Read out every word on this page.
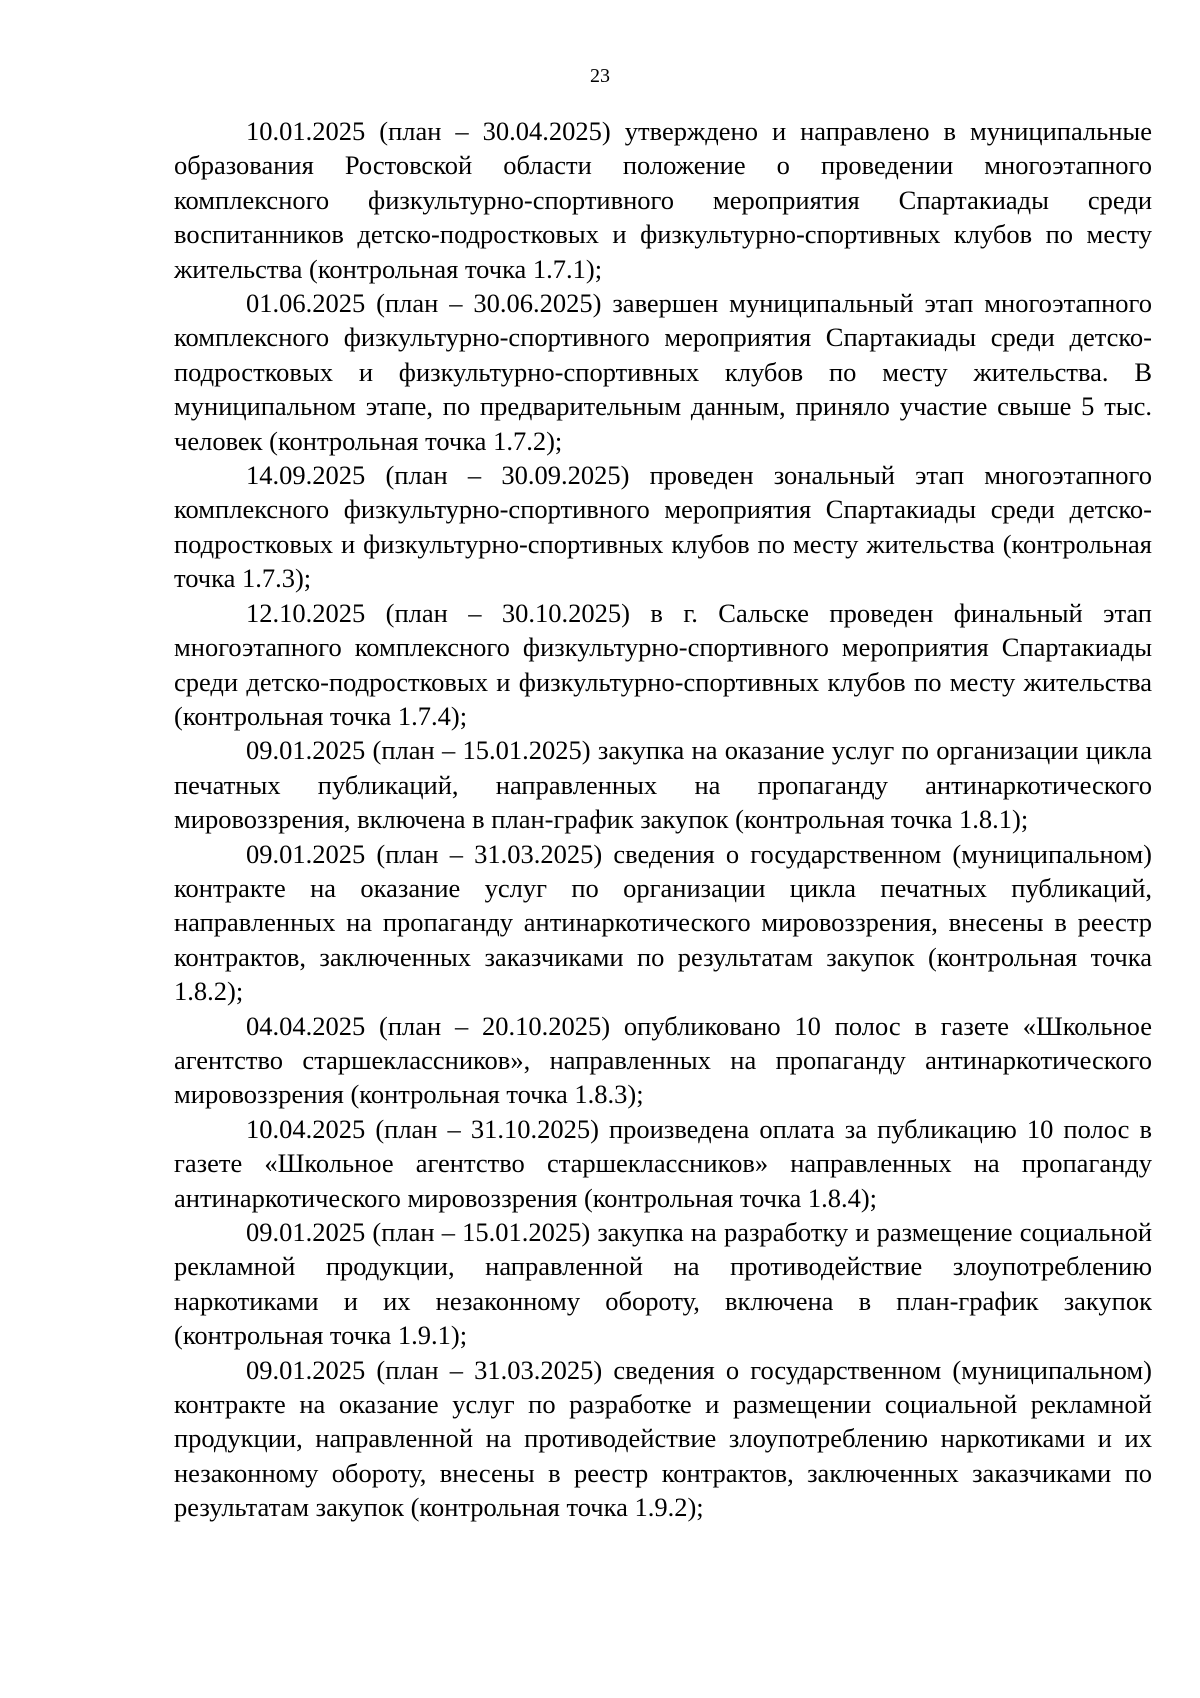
23

10.01.2025 (план – 30.04.2025) утверждено и направлено в муниципальные образования Ростовской области положение о проведении многоэтапного комплексного физкультурно-спортивного мероприятия Спартакиады среди воспитанников детско-подростковых и физкультурно-спортивных клубов по месту жительства (контрольная точка 1.7.1);

01.06.2025 (план – 30.06.2025) завершен муниципальный этап многоэтапного комплексного физкультурно-спортивного мероприятия Спартакиады среди детско-подростковых и физкультурно-спортивных клубов по месту жительства. В муниципальном этапе, по предварительным данным, приняло участие свыше 5 тыс. человек (контрольная точка 1.7.2);

14.09.2025 (план – 30.09.2025) проведен зональный этап многоэтапного комплексного физкультурно-спортивного мероприятия Спартакиады среди детско-подростковых и физкультурно-спортивных клубов по месту жительства (контрольная точка 1.7.3);

12.10.2025 (план – 30.10.2025) в г. Сальске проведен финальный этап многоэтапного комплексного физкультурно-спортивного мероприятия Спартакиады среди детско-подростковых и физкультурно-спортивных клубов по месту жительства (контрольная точка 1.7.4);

09.01.2025 (план – 15.01.2025) закупка на оказание услуг по организации цикла печатных публикаций, направленных на пропаганду антинаркотического мировоззрения, включена в план-график закупок (контрольная точка 1.8.1);

09.01.2025 (план – 31.03.2025) сведения о государственном (муниципальном) контракте на оказание услуг по организации цикла печатных публикаций, направленных на пропаганду антинаркотического мировоззрения, внесены в реестр контрактов, заключенных заказчиками по результатам закупок (контрольная точка 1.8.2);

04.04.2025 (план – 20.10.2025) опубликовано 10 полос в газете «Школьное агентство старшеклассников», направленных на пропаганду антинаркотического мировоззрения (контрольная точка 1.8.3);

10.04.2025 (план – 31.10.2025) произведена оплата за публикацию 10 полос в газете «Школьное агентство старшеклассников» направленных на пропаганду антинаркотического мировоззрения (контрольная точка 1.8.4);

09.01.2025 (план – 15.01.2025) закупка на разработку и размещение социальной рекламной продукции, направленной на противодействие злоупотреблению наркотиками и их незаконному обороту, включена в план-график закупок (контрольная точка 1.9.1);

09.01.2025 (план – 31.03.2025) сведения о государственном (муниципальном) контракте на оказание услуг по разработке и размещении социальной рекламной продукции, направленной на противодействие злоупотреблению наркотиками и их незаконному обороту, внесены в реестр контрактов, заключенных заказчиками по результатам закупок (контрольная точка 1.9.2);
